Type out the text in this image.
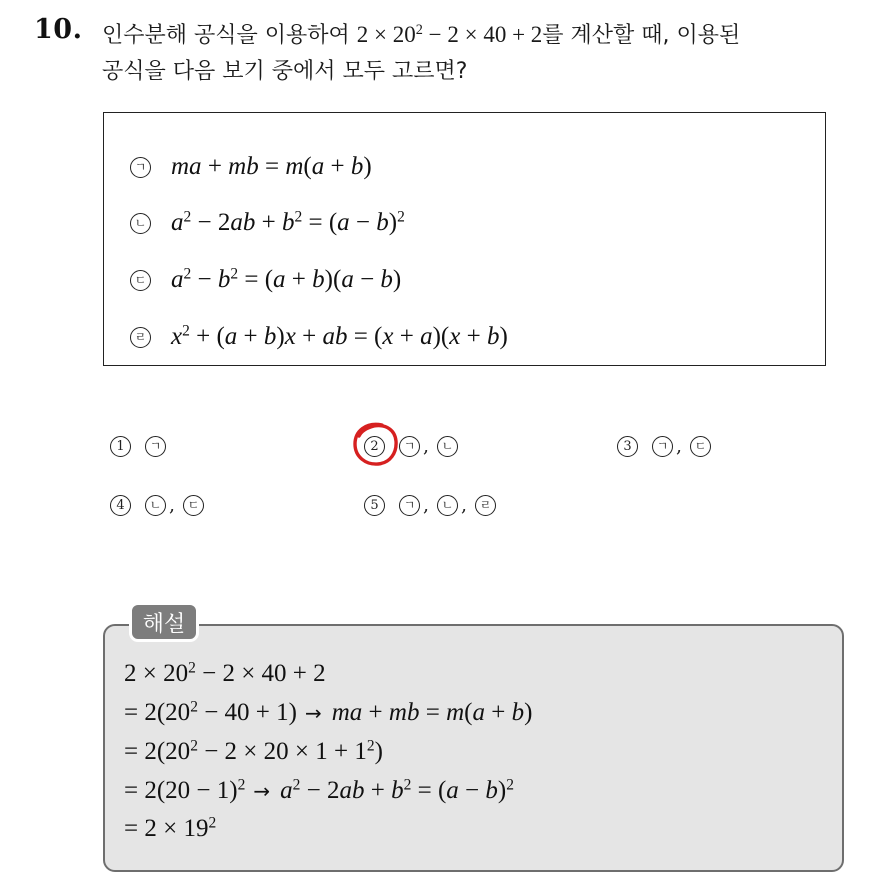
10. 인수분해 공식을 이용하여 $2 \times 20^2 - 2 \times 40 + 2$를 계산할 때, 이용된
공식을 다음 보기 중에서 모두 고르면?
ㄱ ma + mb = m(a + b)
ㄴ $a^2 - 2ab + b^2 = (a - b)^2$
ㄷ $a^2 - b^2 = (a + b)(a - b)$
ㄹ $x^2 + (a + b)x$ + ab = (x + a)(x + b)
1	ㄱ	2	ㄱ ,	ㄴ	3	ㄱ ,	ㄷ
4	ㄴ ,	ㄷ	5	ㄱ ,	ㄴ ,	ㄹ
해설
$2 \times 20^2 - 2 \times 40 + 2$
= $2(20^2 - 40 + 1)$ → ma + mb = m(a + b)
= $2(20^2 - 2 \times 20 \times 1 + 1^2)$
= $2(20 - 1)^2 \to a^2 - 2ab + b^2 = (a - b)^2$
= $2 \times 19^2$
